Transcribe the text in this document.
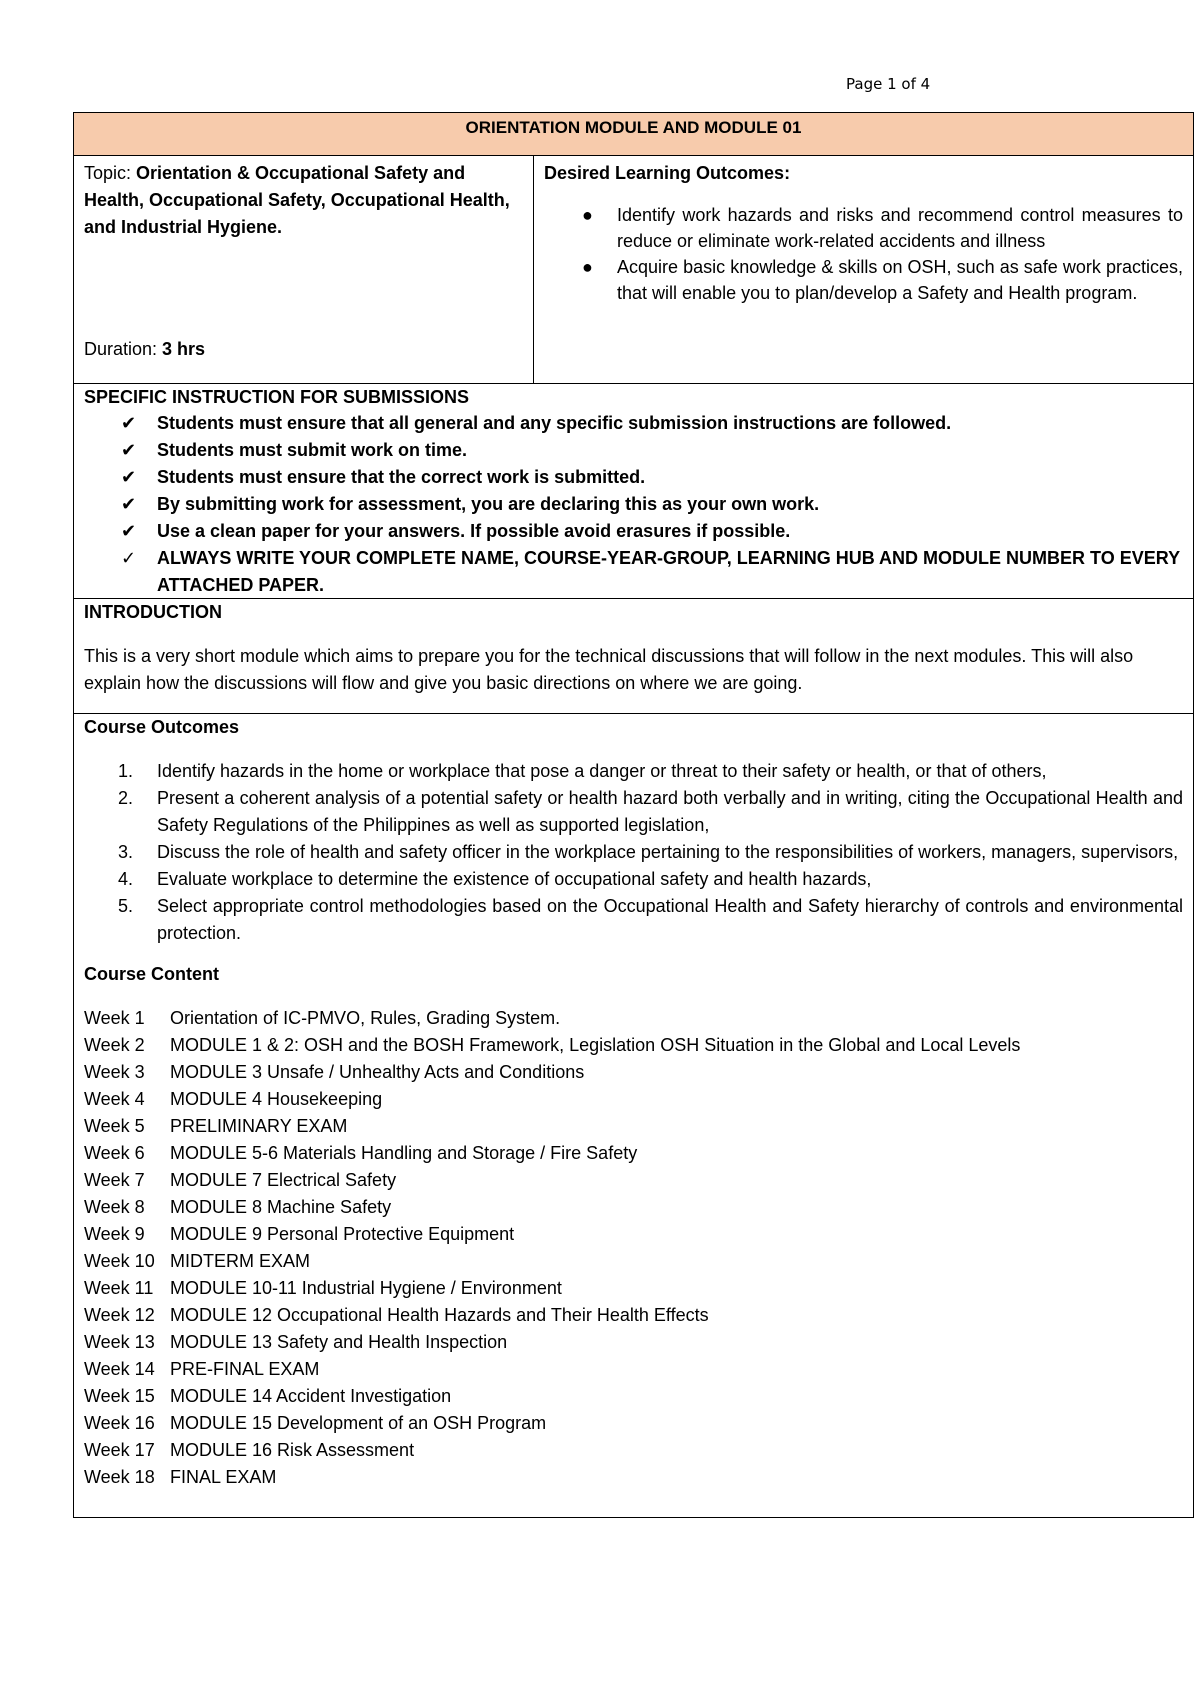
Page 1 of 4
ORIENTATION MODULE AND MODULE 01
Topic: Orientation & Occupational Safety and Health, Occupational Safety, Occupational Health, and Industrial Hygiene.
Duration: 3 hrs
Desired Learning Outcomes:
● Identify work hazards and risks and recommend control measures to reduce or eliminate work-related accidents and illness
● Acquire basic knowledge & skills on OSH, such as safe work practices, that will enable you to plan/develop a Safety and Health program.
SPECIFIC INSTRUCTION FOR SUBMISSIONS
✔ Students must ensure that all general and any specific submission instructions are followed.
✔ Students must submit work on time.
✔ Students must ensure that the correct work is submitted.
✔ By submitting work for assessment, you are declaring this as your own work.
✔ Use a clean paper for your answers. If possible avoid erasures if possible.
✓ ALWAYS WRITE YOUR COMPLETE NAME, COURSE-YEAR-GROUP, LEARNING HUB AND MODULE NUMBER TO EVERY ATTACHED PAPER.
INTRODUCTION

This is a very short module which aims to prepare you for the technical discussions that will follow in the next modules. This will also explain how the discussions will flow and give you basic directions on where we are going.

Course Outcomes
1. Identify hazards in the home or workplace that pose a danger or threat to their safety or health, or that of others,
2. Present a coherent analysis of a potential safety or health hazard both verbally and in writing, citing the Occupational Health and Safety Regulations of the Philippines as well as supported legislation,
3. Discuss the role of health and safety officer in the workplace pertaining to the responsibilities of workers, managers, supervisors,
4. Evaluate workplace to determine the existence of occupational safety and health hazards,
5. Select appropriate control methodologies based on the Occupational Health and Safety hierarchy of controls and environmental protection.
Course Content
Week 1 Orientation of IC-PMVO, Rules, Grading System.
Week 2 MODULE 1 & 2: OSH and the BOSH Framework, Legislation OSH Situation in the Global and Local Levels
Week 3 MODULE 3 Unsafe / Unhealthy Acts and Conditions
Week 4 MODULE 4 Housekeeping
Week 5 PRELIMINARY EXAM
Week 6 MODULE 5-6 Materials Handling and Storage / Fire Safety
Week 7 MODULE 7 Electrical Safety
Week 8 MODULE 8 Machine Safety
Week 9 MODULE 9 Personal Protective Equipment
Week 10 MIDTERM EXAM
Week 11 MODULE 10-11 Industrial Hygiene / Environment
Week 12 MODULE 12 Occupational Health Hazards and Their Health Effects
Week 13 MODULE 13 Safety and Health Inspection
Week 14 PRE-FINAL EXAM
Week 15 MODULE 14 Accident Investigation
Week 16 MODULE 15 Development of an OSH Program
Week 17 MODULE 16 Risk Assessment
Week 18 FINAL EXAM
